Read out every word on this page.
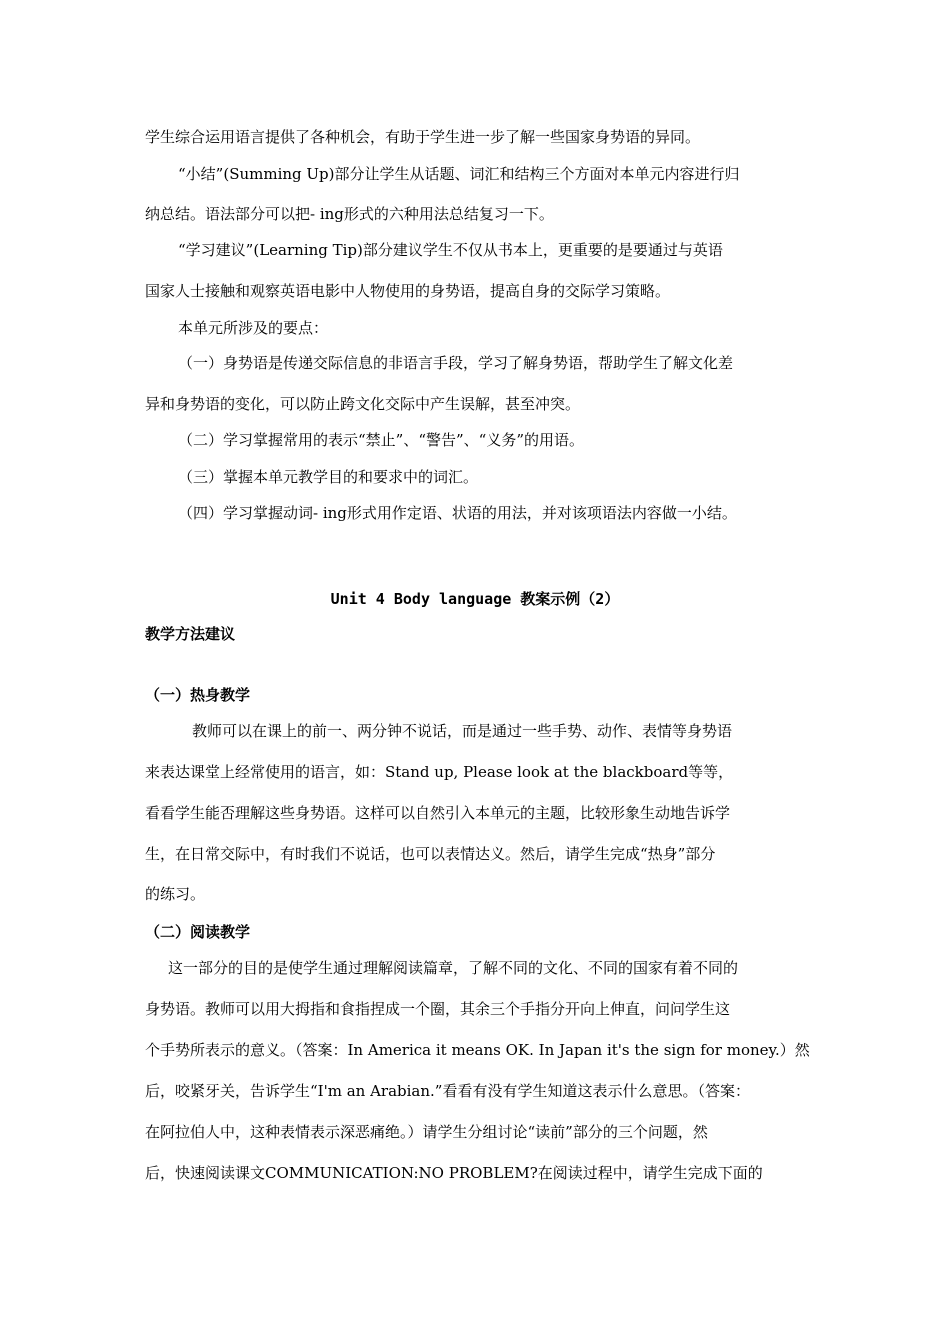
学生综合运用语言提供了各种机会，有助于学生进一步了解一些国家身势语的异同。
“小结”(Summing Up)部分让学生从话题、词汇和结构三个方面对本单元内容进行归
纳总结。语法部分可以把- ing形式的六种用法总结复习一下。
“学习建议”(Learning Tip)部分建议学生不仅从书本上，更重要的是要通过与英语
国家人士接触和观察英语电影中人物使用的身势语，提高自身的交际学习策略。
本单元所涉及的要点：
（一）身势语是传递交际信息的非语言手段，学习了解身势语，帮助学生了解文化差
异和身势语的变化，可以防止跨文化交际中产生误解，甚至冲突。
（二）学习掌握常用的表示“禁止”、“警告”、“义务”的用语。
（三）掌握本单元教学目的和要求中的词汇。
（四）学习掌握动词- ing形式用作定语、状语的用法，并对该项语法内容做一小结。
Unit 4 Body language 教案示例（2）
教学方法建议
（一）热身教学
教师可以在课上的前一、两分钟不说话，而是通过一些手势、动作、表情等身势语
来表达课堂上经常使用的语言，如：Stand up, Please look at the blackboard等等，
看看学生能否理解这些身势语。这样可以自然引入本单元的主题，比较形象生动地告诉学
生，在日常交际中，有时我们不说话，也可以表情达义。然后，请学生完成“热身”部分
的练习。
（二）阅读教学
这一部分的目的是使学生通过理解阅读篇章，了解不同的文化、不同的国家有着不同的
身势语。教师可以用大拇指和食指捏成一个圈，其余三个手指分开向上伸直，问问学生这
个手势所表示的意义。（答案：In America it means OK. In Japan it's the sign for money.）然
后，咬紧牙关，告诉学生“I'm an Arabian.”看看有没有学生知道这表示什么意思。（答案：
在阿拉伯人中，这种表情表示深恶痛绝。）请学生分组讨论“读前”部分的三个问题，然
后，快速阅读课文COMMUNICATION:NO PROBLEM?在阅读过程中，请学生完成下面的
